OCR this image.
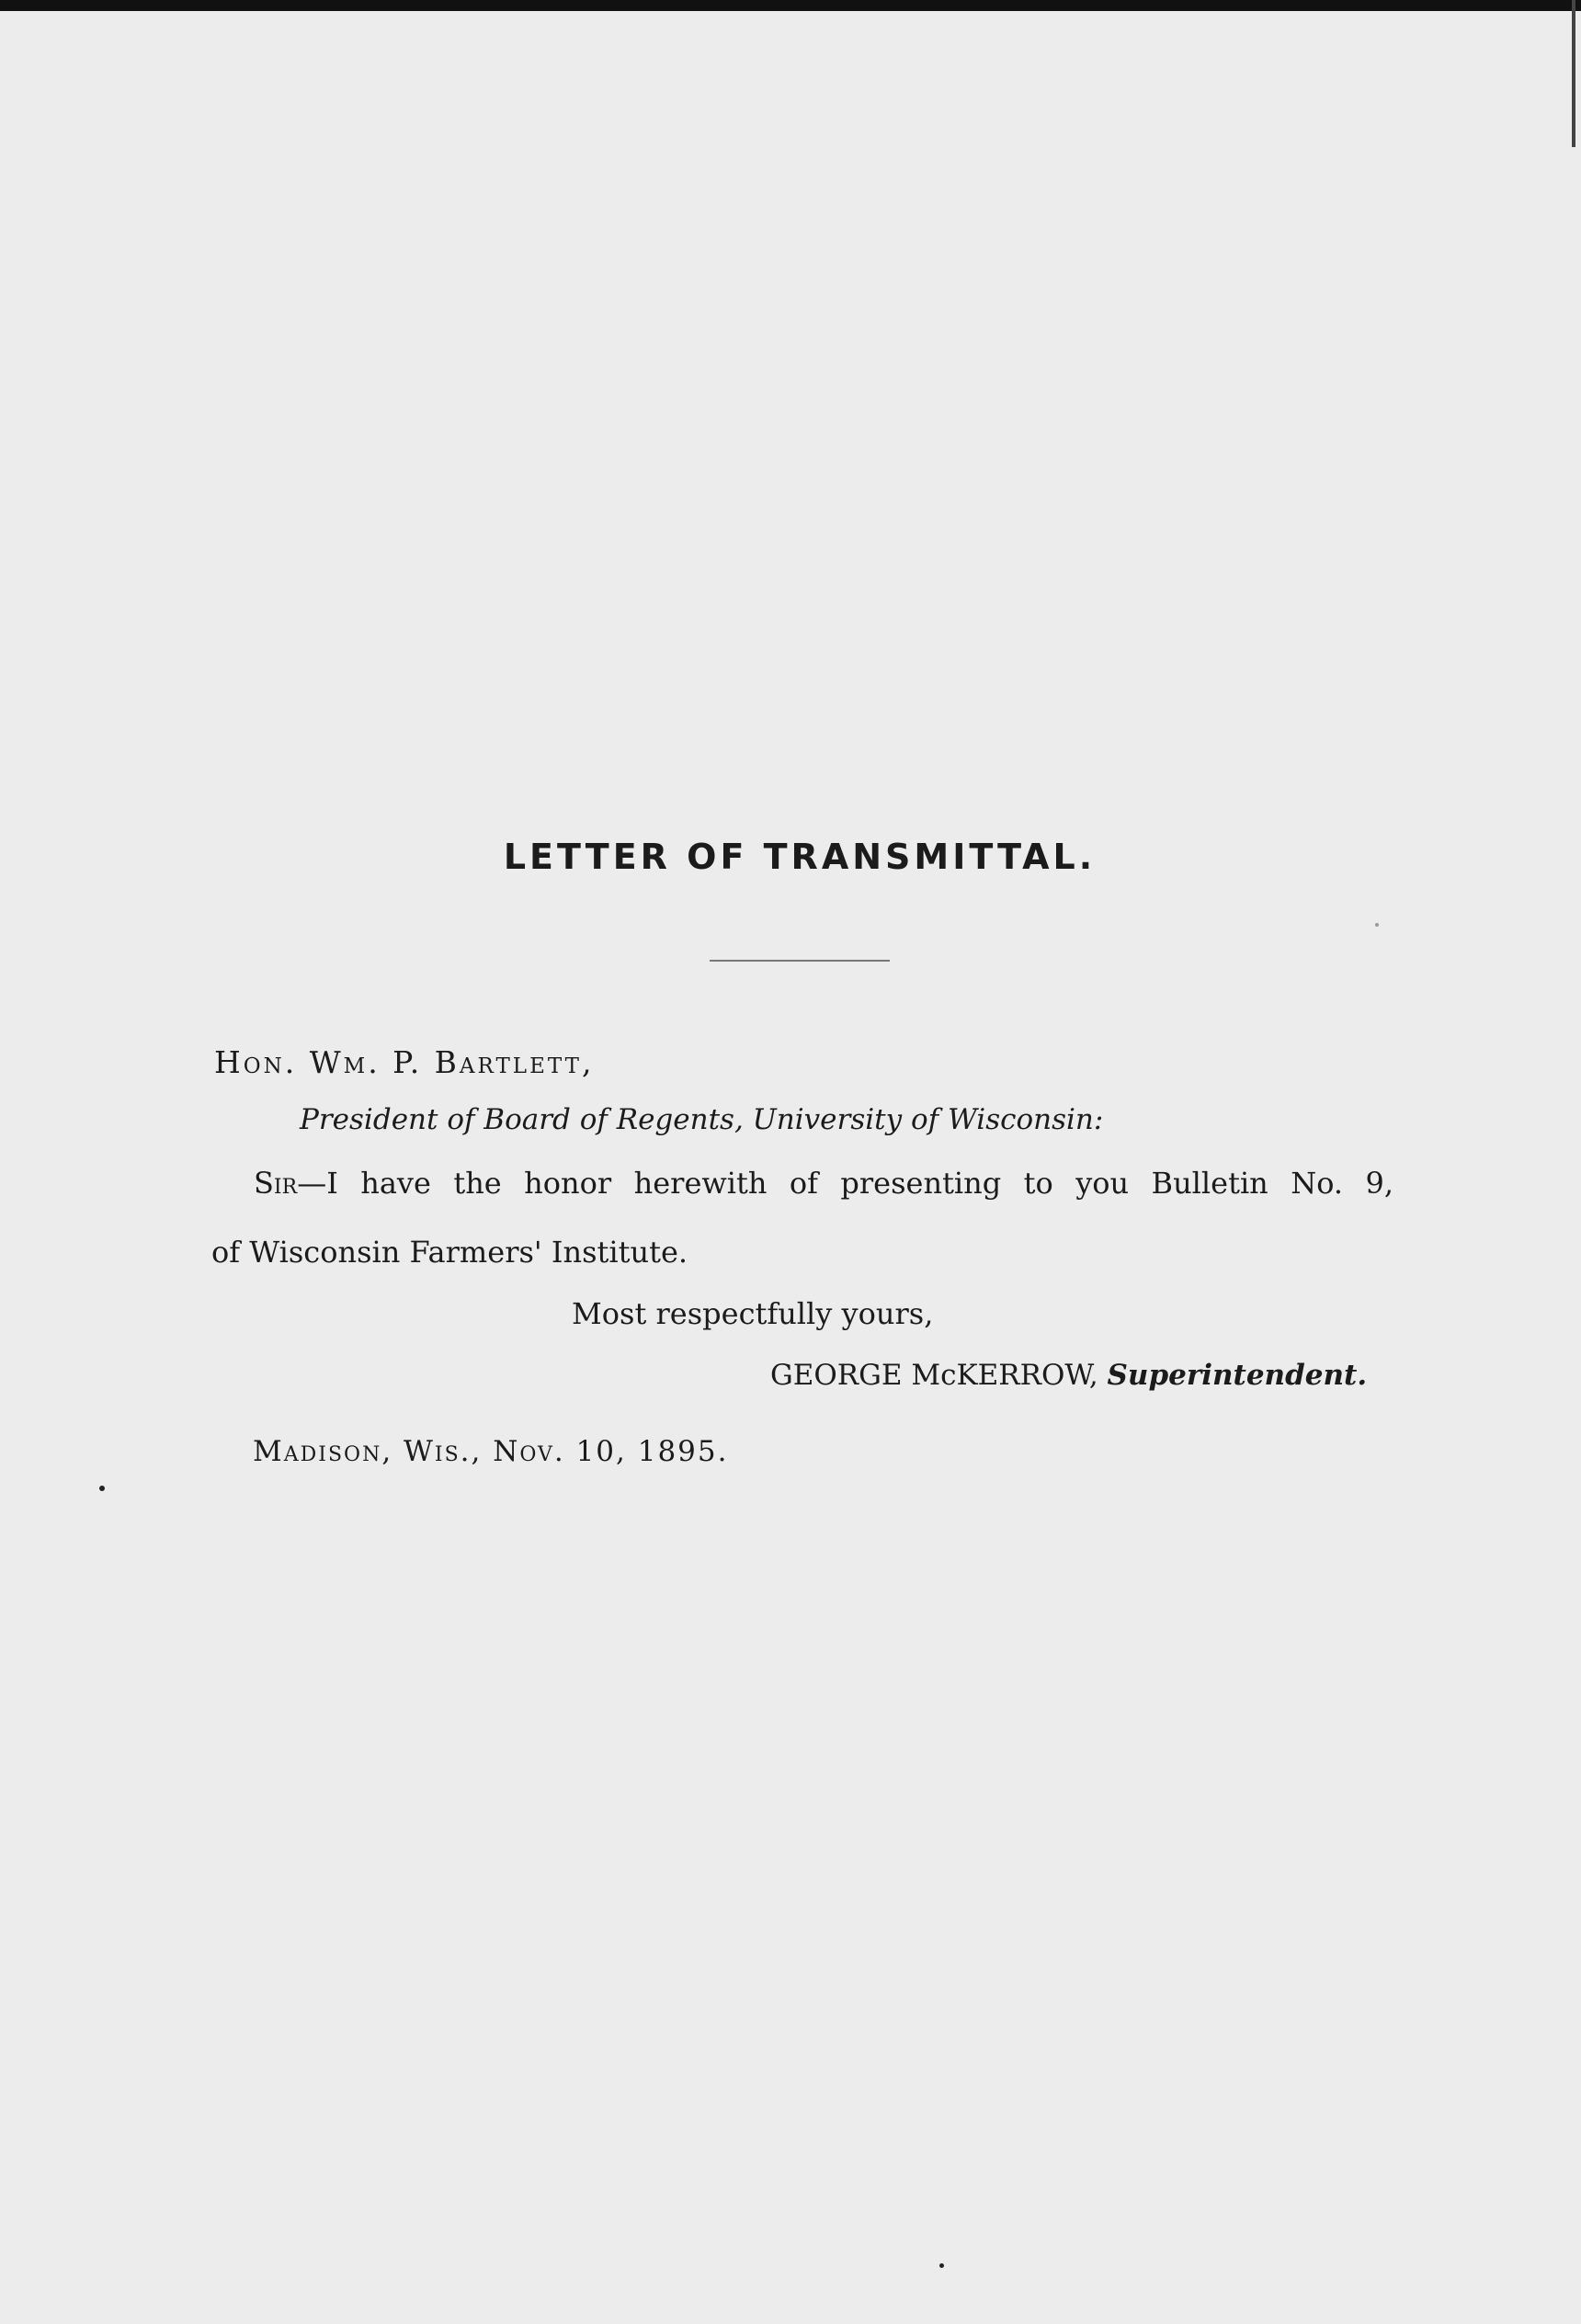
LETTER OF TRANSMITTAL.
Hon. Wm. P. Bartlett,
President of Board of Regents, University of Wisconsin:
Sir—I have the honor herewith of presenting to you Bulletin No. 9,
of Wisconsin Farmers' Institute.
Most respectfully yours,
GEORGE McKERROW, Superintendent.
Madison, Wis., Nov. 10, 1895.
